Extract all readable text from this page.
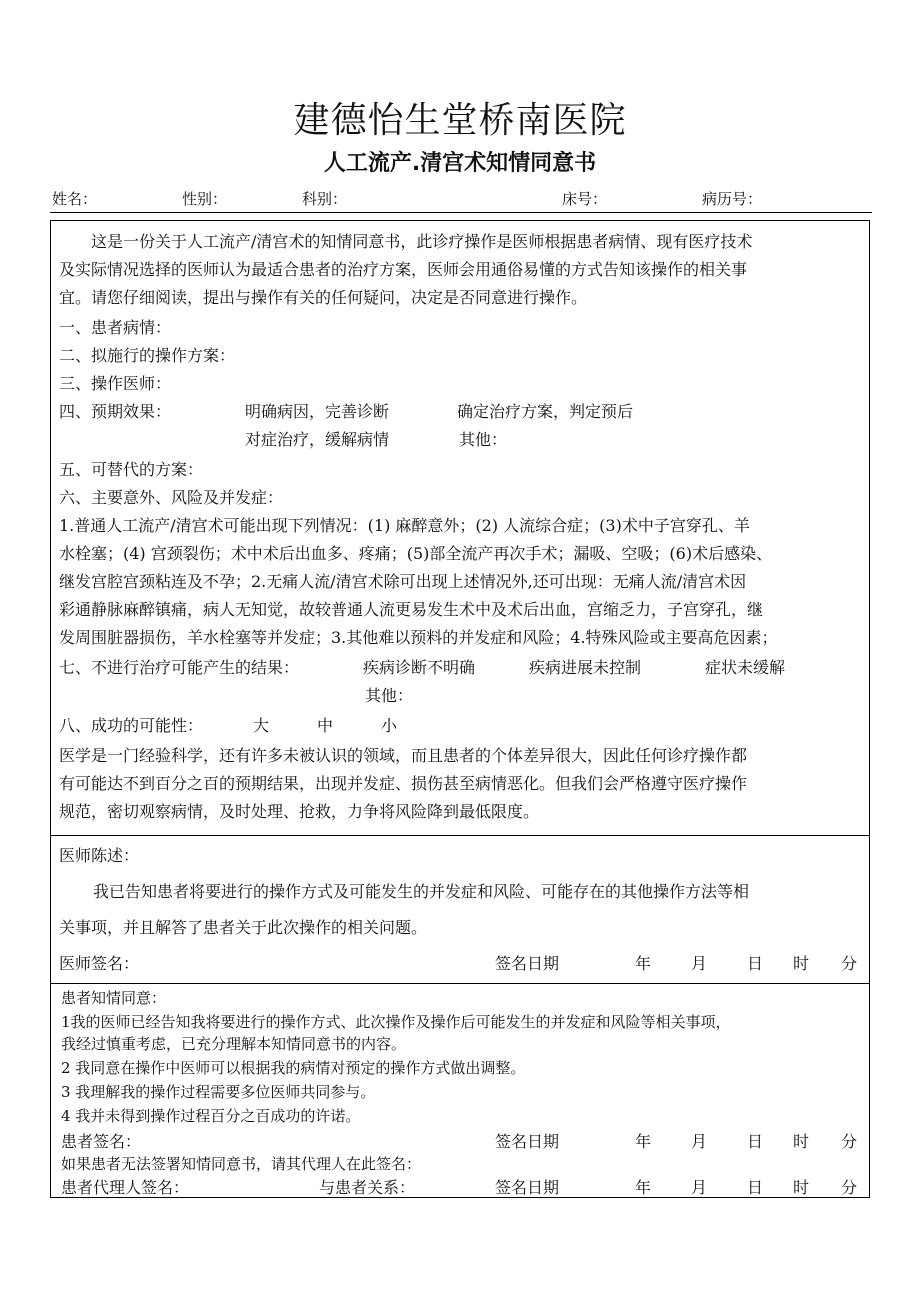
建德怡生堂桥南医院
人工流产.清宫术知情同意书
姓名：	性别：	科别：	床号：	病历号：
这是一份关于人工流产/清宫术的知情同意书，此诊疗操作是医师根据患者病情、现有医疗技术
及实际情况选择的医师认为最适合患者的治疗方案，医师会用通俗易懂的方式告知该操作的相关事
宜。请您仔细阅读，提出与操作有关的任何疑问，决定是否同意进行操作。
一、患者病情：
二、拟施行的操作方案：
三、操作医师：
四、预期效果：	明确病因，完善诊断	确定治疗方案，判定预后
对症治疗，缓解病情	其他：
五、可替代的方案：
六、主要意外、风险及并发症：
1.普通人工流产/清宫术可能出现下列情况：(1) 麻醉意外；(2) 人流综合症；(3)术中子宫穿孔、羊
水栓塞；(4) 宫颈裂伤；术中术后出血多、疼痛；(5)部全流产再次手术；漏吸、空吸；(6)术后感染、
继发宫腔宫颈粘连及不孕；2.无痛人流/清宫术除可出现上述情况外,还可出现：无痛人流/清宫术因
彩通静脉麻醉镇痛，病人无知觉，故较普通人流更易发生术中及术后出血，宫缩乏力，子宫穿孔，继
发周围脏器损伤，羊水栓塞等并发症；3.其他难以预料的并发症和风险；4.特殊风险或主要高危因素；
七、不进行治疗可能产生的结果：	疾病诊断不明确	疾病进展未控制	症状未缓解
其他：
八、成功的可能性：	大	中	小
医学是一门经验科学，还有许多未被认识的领域，而且患者的个体差异很大，因此任何诊疗操作都
有可能达不到百分之百的预期结果，出现并发症、损伤甚至病情恶化。但我们会严格遵守医疗操作
规范，密切观察病情，及时处理、抢救，力争将风险降到最低限度。
医师陈述：
我已告知患者将要进行的操作方式及可能发生的并发症和风险、可能存在的其他操作方法等相
关事项，并且解答了患者关于此次操作的相关问题。
医师签名：	签名日期	年 月 日 时 分
患者知情同意：
1我的医师已经告知我将要进行的操作方式、此次操作及操作后可能发生的并发症和风险等相关事项，
我经过慎重考虑，已充分理解本知情同意书的内容。
2 我同意在操作中医师可以根据我的病情对预定的操作方式做出调整。
3 我理解我的操作过程需要多位医师共同参与。
4 我并未得到操作过程百分之百成功的许诺。
患者签名：	签名日期	年 月 日 时 分
如果患者无法签署知情同意书，请其代理人在此签名：
患者代理人签名：	与患者关系：	签名日期	年 月 日 时 分
